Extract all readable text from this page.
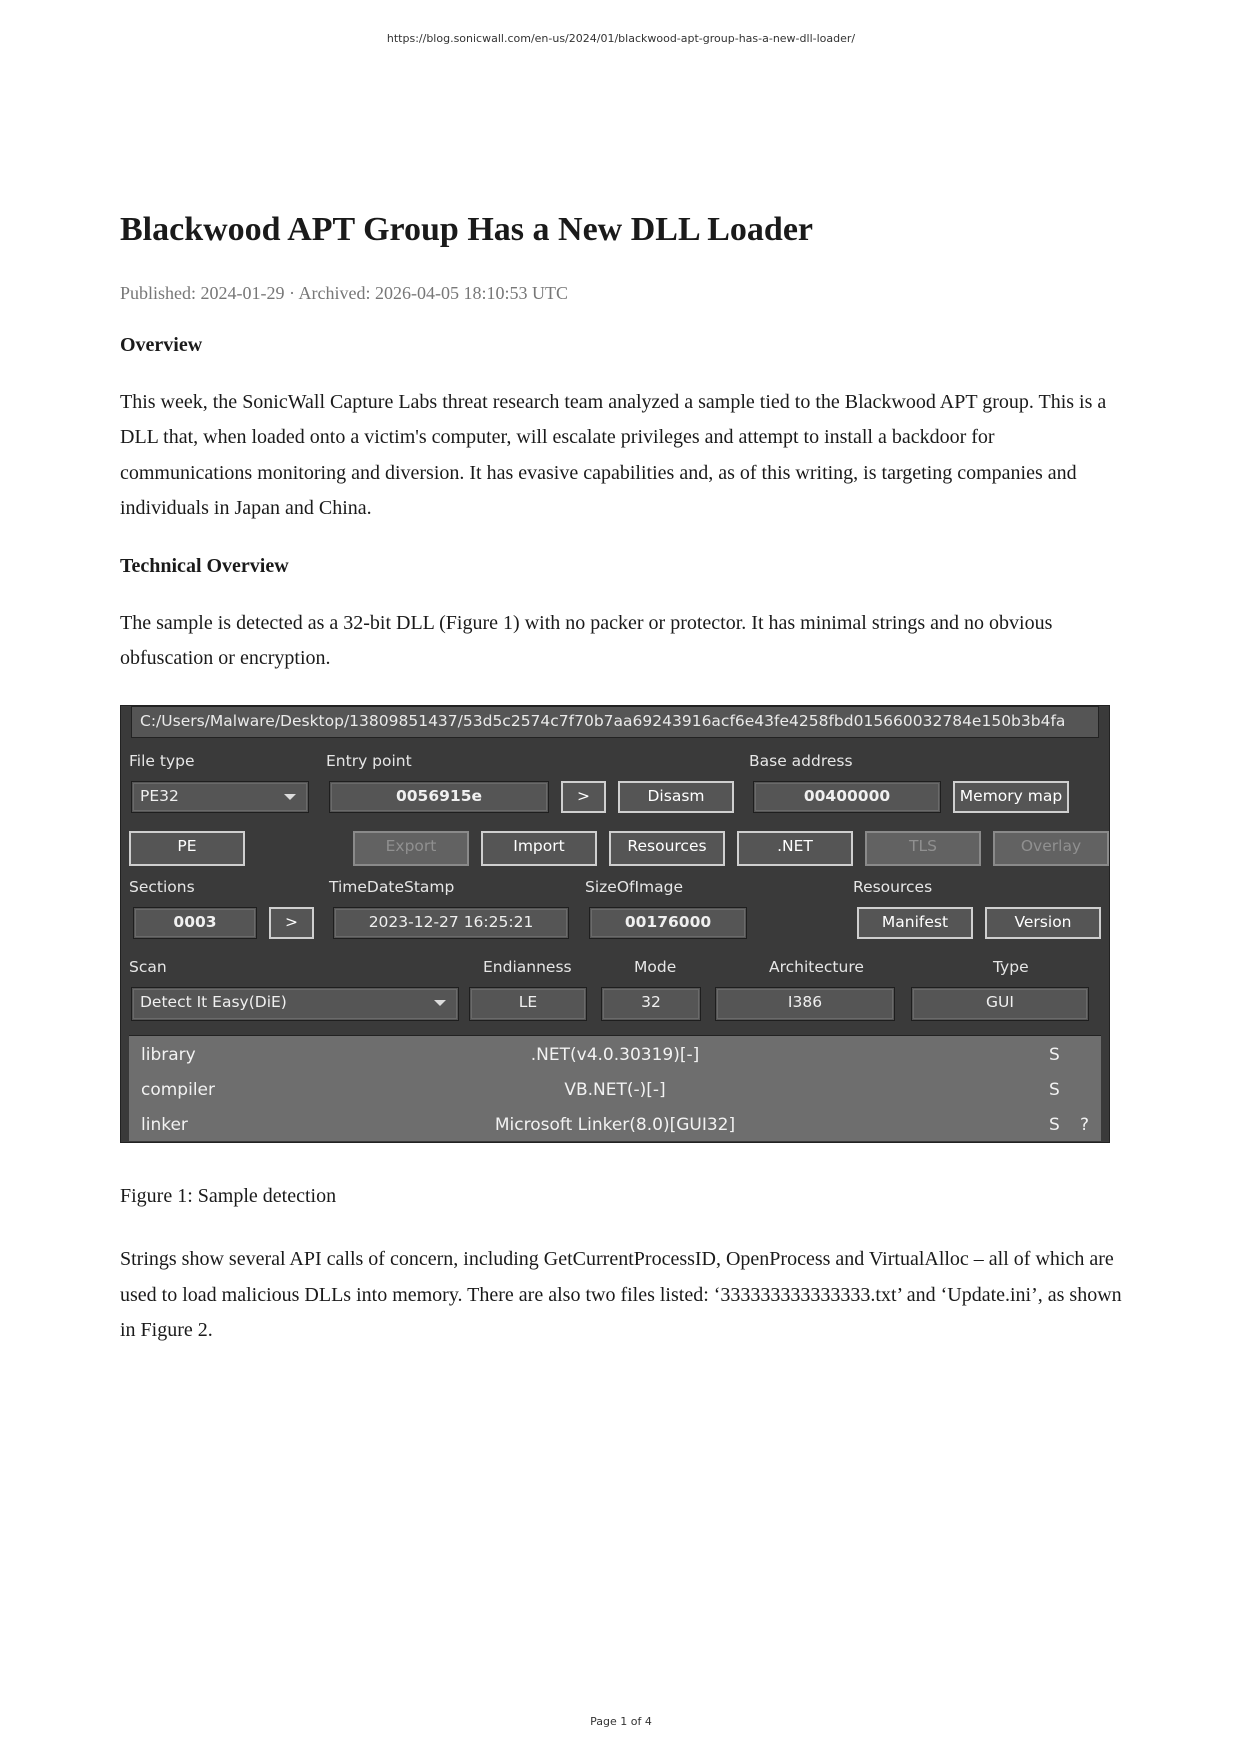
https://blog.sonicwall.com/en-us/2024/01/blackwood-apt-group-has-a-new-dll-loader/
Blackwood APT Group Has a New DLL Loader
Published: 2024-01-29 · Archived: 2026-04-05 18:10:53 UTC
Overview

This week, the SonicWall Capture Labs threat research team analyzed a sample tied to the Blackwood APT group. This is a DLL that, when loaded onto a victim's computer, will escalate privileges and attempt to install a backdoor for communications monitoring and diversion. It has evasive capabilities and, as of this writing, is targeting companies and individuals in Japan and China.

Technical Overview

The sample is detected as a 32-bit DLL (Figure 1) with no packer or protector. It has minimal strings and no obvious obfuscation or encryption.

C:/Users/Malware/Desktop/13809851437/53d5c2574c7f70b7aa69243916acf6e43fe4258fbd015660032784e150b3b4fa
File type
PE32
Entry point
0056915e	>	Disasm
Base address
00400000	Memory map
PE	Export	Import	Resources	.NET	TLS	Overlay
Sections
0003	>
TimeDateStamp
2023-12-27 16:25:21
SizeOfImage
00176000
Resources
Manifest	Version
Scan
Detect It Easy(DiE)
Endianness
LE
Mode
32
Architecture
I386
Type
GUI
library	.NET(v4.0.30319)[-]	S
compiler	VB.NET(-)[-]	S
linker	Microsoft Linker(8.0)[GUI32]	S ?

Figure 1: Sample detection

Strings show several API calls of concern, including GetCurrentProcessID, OpenProcess and VirtualAlloc – all of which are used to load malicious DLLs into memory. There are also two files listed: ‘333333333333333.txt’ and ‘Update.ini’, as shown in Figure 2.

Page 1 of 4
